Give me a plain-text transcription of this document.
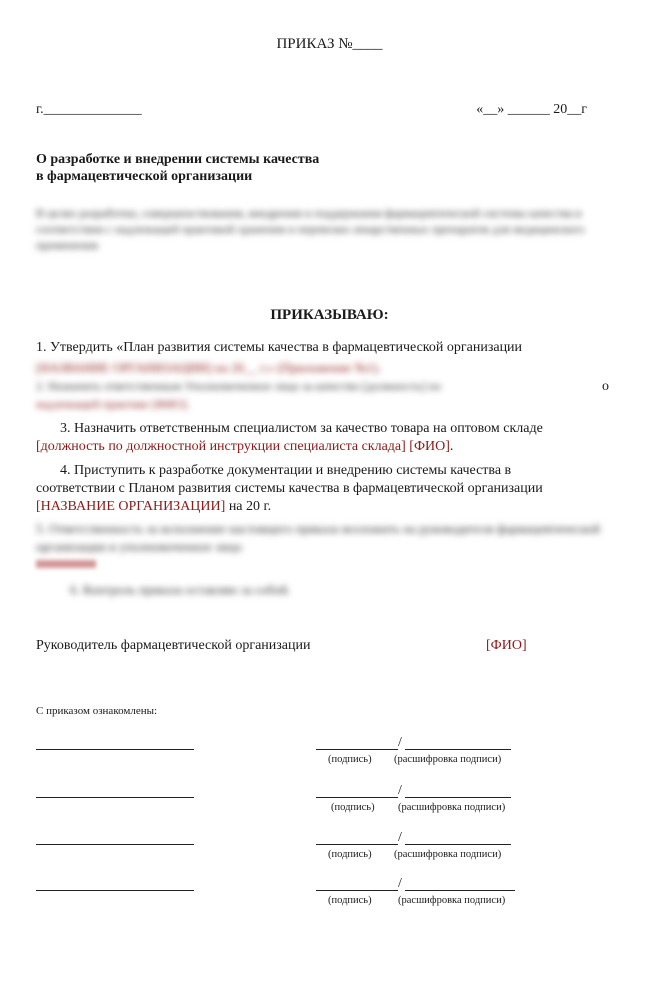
ПРИКАЗ №____
г.______________	«__» ______ 20__г
О разработке и внедрении системы качества
в фармацевтической организации
В целях разработки, совершенствования, внедрения и поддержания фармацевтической системы качества в соответствии с надлежащей практикой хранения и перевозки лекарственных препаратов для медицинского применения
ПРИКАЗЫВАЮ:
1. Утвердить «План развития системы качества в фармацевтической организации
[НАЗВАНИЕ ОРГАНИЗАЦИИ] на 20__ г.» (Приложение №1).
2. Назначить ответственным Уполномоченное лицо за качество [должность] по	о
надлежащей практике [ФИО].
3. Назначить ответственным специалистом за качество товара на оптовом складе
[должность по должностной инструкции специалиста склада] [ФИО].
4. Приступить к разработке документации и внедрению системы качества в
соответствии с Планом развития системы качества в фармацевтической организации
[НАЗВАНИЕ ОРГАНИЗАЦИИ] на 20 г.
5. Ответственность за исполнение настоящего приказа возложить на руководителя фармацевтической организации и уполномоченное лицо
6. Контроль приказа оставляю за собой.
Руководитель фармацевтической организации	[ФИО]
С приказом ознакомлены:
/
(подпись) (расшифровка подписи)
/
(подпись) (расшифровка подписи)
/
(подпись) (расшифровка подписи)
/
(подпись)	(расшифровка подписи)
